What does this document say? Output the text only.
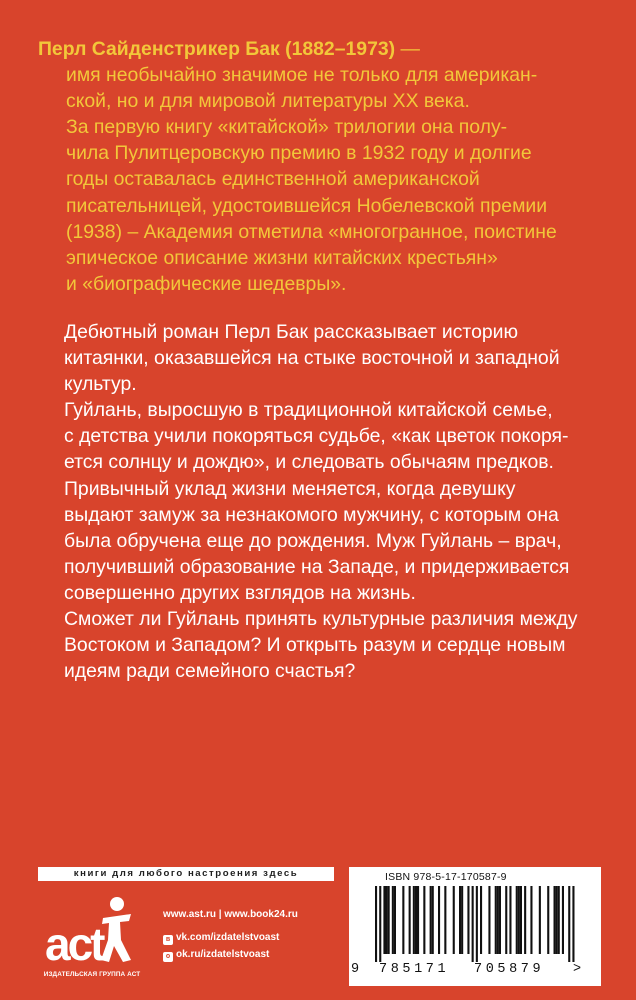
Перл Сайденстрикер Бак (1882–1973) —

имя необычайно значимое не только для американ-

ской, но и для мировой литературы XX века.

За первую книгу «китайской» трилогии она полу-

чила Пулитцеровскую премию в 1932 году и долгие

годы оставалась единственной американской

писательницей, удостоившейся Нобелевской премии

(1938) – Академия отметила «многогранное, поистине

эпическое описание жизни китайских крестьян»

и «биографические шедевры».

Дебютный роман Перл Бак рассказывает историю

китаянки, оказавшейся на стыке восточной и западной

культур.

Гуйлань, выросшую в традиционной китайской семье,

с детства учили покоряться судьбе, «как цветок покоря-

ется солнцу и дождю», и следовать обычаям предков.

Привычный уклад жизни меняется, когда девушку

выдают замуж за незнакомого мужчину, с которым она

была обручена еще до рождения. Муж Гуйлань – врач,

получивший образование на Западе, и придерживается

совершенно других взглядов на жизнь.

Сможет ли Гуйлань принять культурные различия между

Востоком и Западом? И открыть разум и сердце новым

идеям ради семейного счастья?

книги для любого настроения здесь
act
ИЗДАТЕЛЬСКАЯ ГРУППА АСТ
www.ast.ru | www.book24.ru
в vk.com/izdatelstvoast
о ok.ru/izdatelstvoast
ISBN 978-5-17-170587-9
9 785171 705879 >
